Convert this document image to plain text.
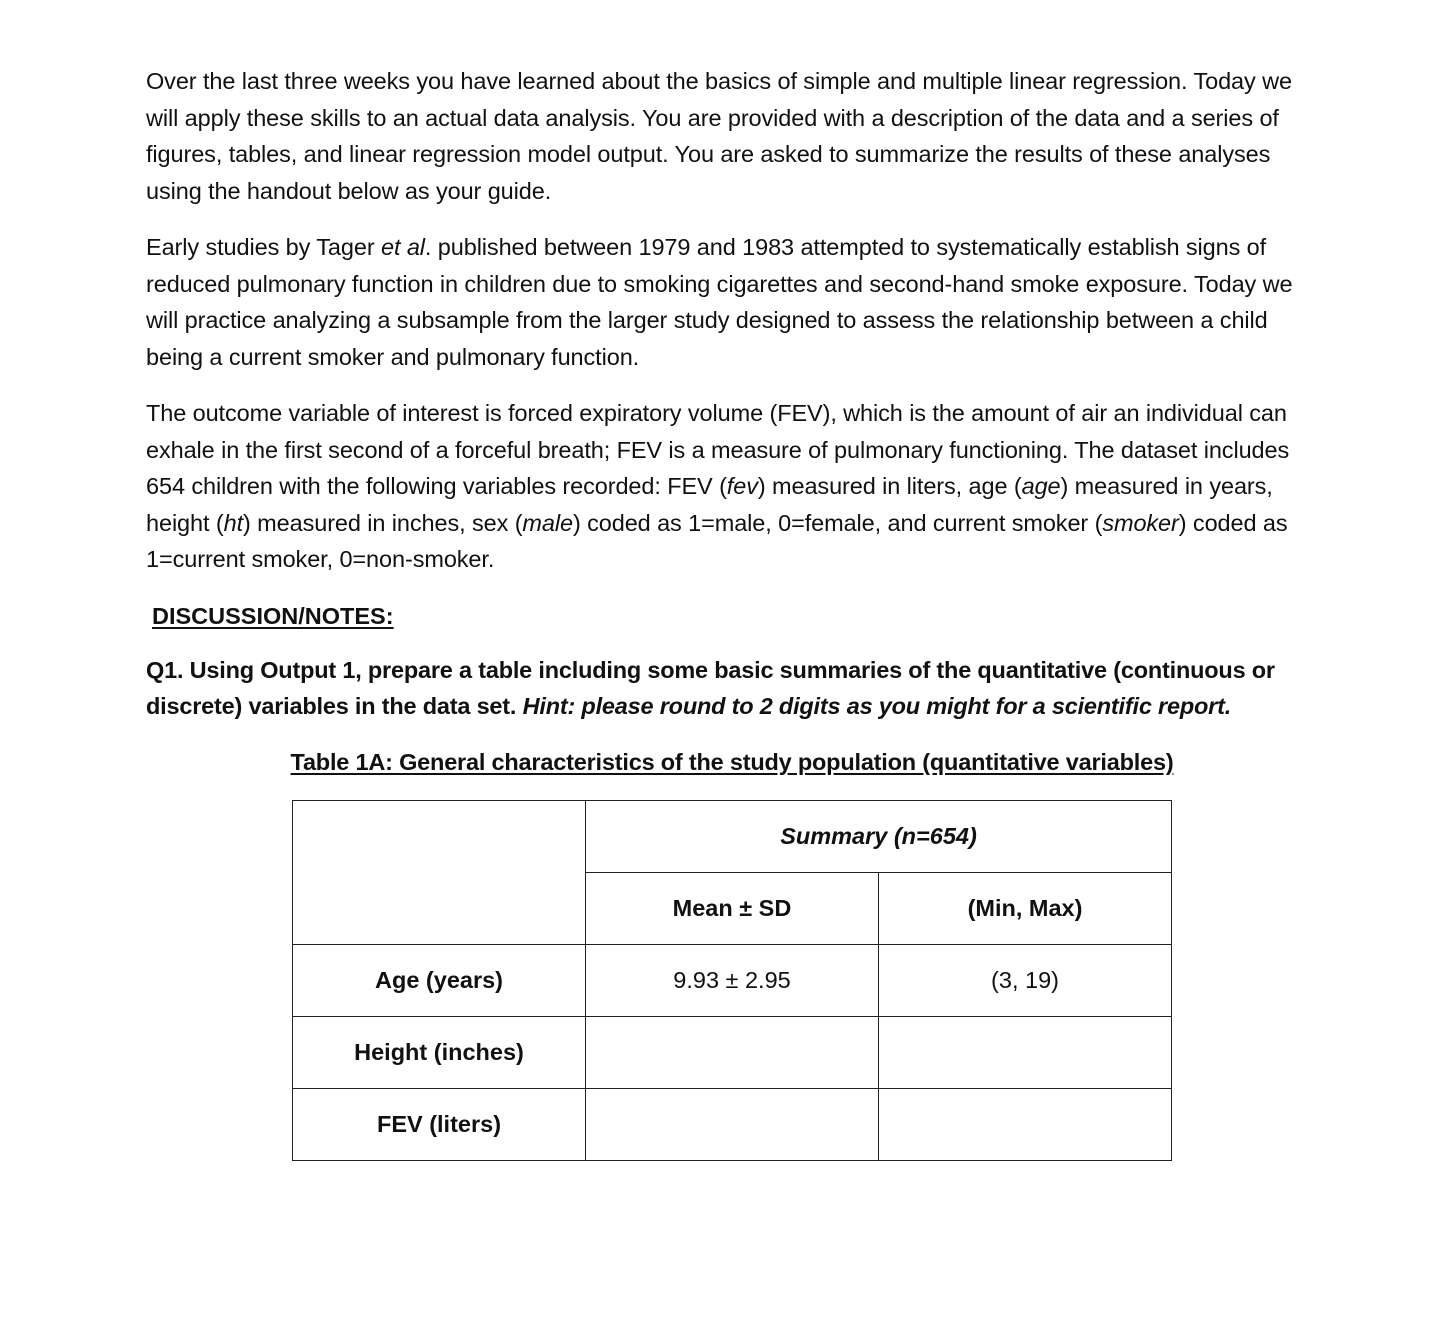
Over the last three weeks you have learned about the basics of simple and multiple linear regression. Today we will apply these skills to an actual data analysis. You are provided with a description of the data and a series of figures, tables, and linear regression model output. You are asked to summarize the results of these analyses using the handout below as your guide.

Early studies by Tager et al. published between 1979 and 1983 attempted to systematically establish signs of reduced pulmonary function in children due to smoking cigarettes and second-hand smoke exposure. Today we will practice analyzing a subsample from the larger study designed to assess the relationship between a child being a current smoker and pulmonary function.

The outcome variable of interest is forced expiratory volume (FEV), which is the amount of air an individual can exhale in the first second of a forceful breath; FEV is a measure of pulmonary functioning. The dataset includes 654 children with the following variables recorded: FEV (fev) measured in liters, age (age) measured in years, height (ht) measured in inches, sex (male) coded as 1=male, 0=female, and current smoker (smoker) coded as 1=current smoker, 0=non-smoker.

DISCUSSION/NOTES:

Q1. Using Output 1, prepare a table including some basic summaries of the quantitative (continuous or discrete) variables in the data set. Hint: please round to 2 digits as you might for a scientific report.

Table 1A: General characteristics of the study population (quantitative variables)
	Summary (n=654)	
	Mean ± SD	(Min, Max)
Age (years)	9.93 ± 2.95	(3, 19)
Height (inches)		
FEV (liters)		
